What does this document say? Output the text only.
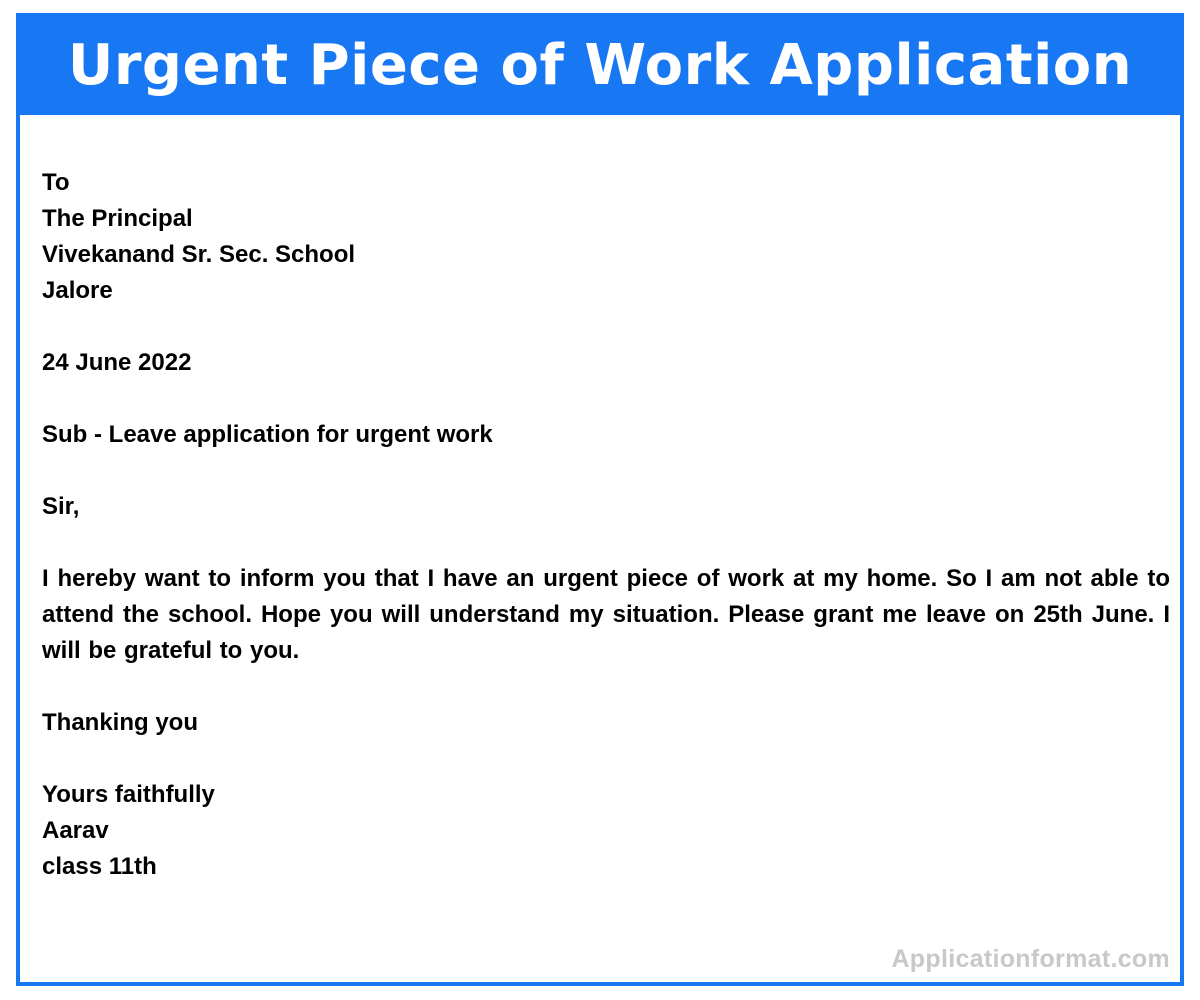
Urgent Piece of Work Application
To
The Principal
Vivekanand Sr. Sec. School
Jalore
24 June 2022
Sub - Leave application for urgent work
Sir,
I hereby want to inform you that I have an urgent piece of work at my home. So I am not able to attend the school. Hope you will understand my situation. Please grant me leave on 25th June. I will be grateful to you.
Thanking you
Yours faithfully
Aarav
class 11th
Applicationformat.com
